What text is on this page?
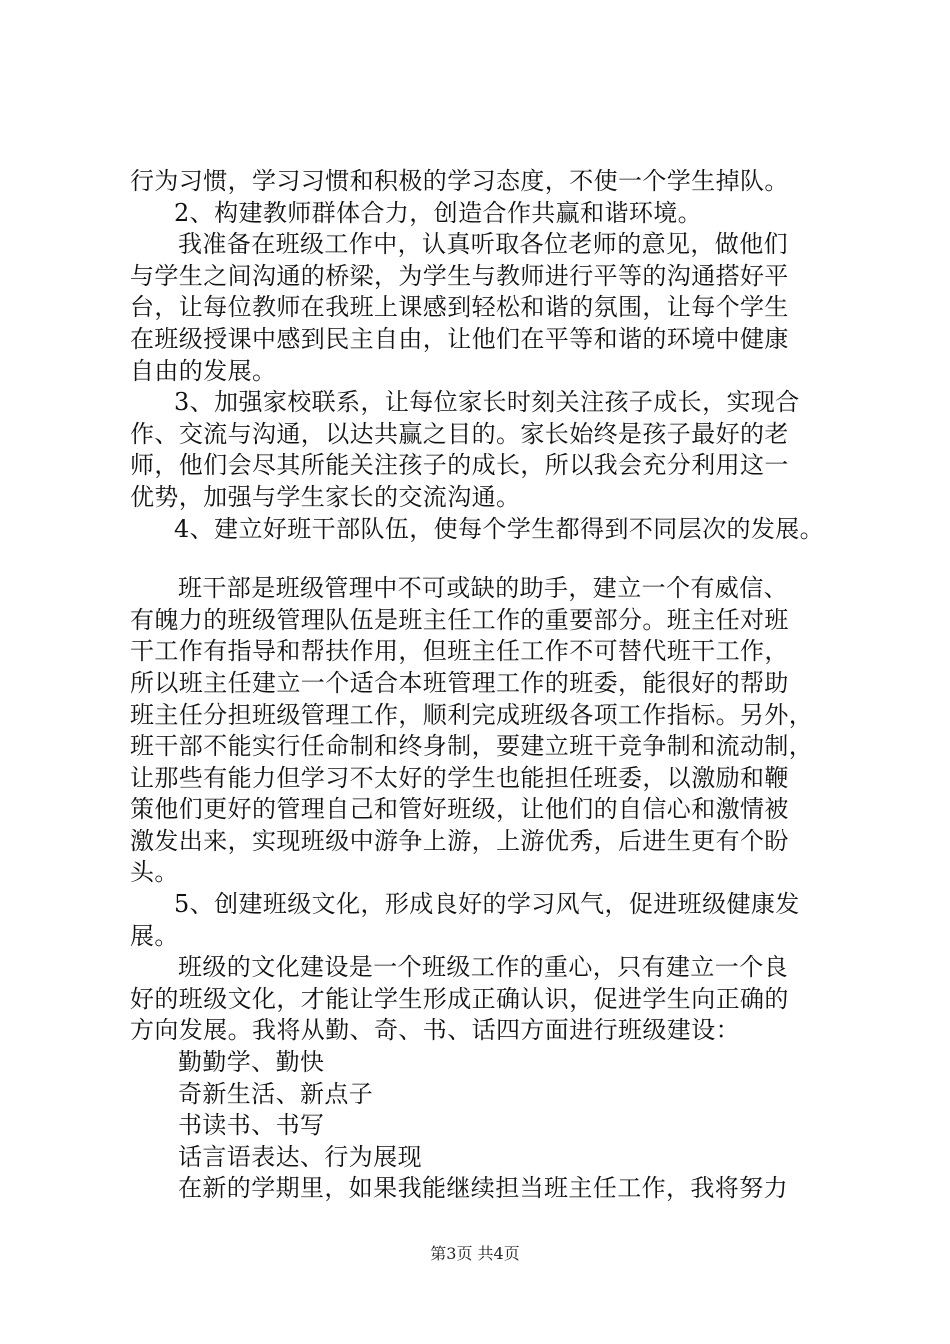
行为习惯，学习习惯和积极的学习态度，不使一个学生掉队。
2、构建教师群体合力，创造合作共赢和谐环境。
我准备在班级工作中，认真听取各位老师的意见，做他们
与学生之间沟通的桥梁，为学生与教师进行平等的沟通搭好平
台，让每位教师在我班上课感到轻松和谐的氛围，让每个学生
在班级授课中感到民主自由，让他们在平等和谐的环境中健康
自由的发展。
3、加强家校联系，让每位家长时刻关注孩子成长，实现合
作、交流与沟通，以达共赢之目的。家长始终是孩子最好的老
师，他们会尽其所能关注孩子的成长，所以我会充分利用这一
优势，加强与学生家长的交流沟通。
4、建立好班干部队伍，使每个学生都得到不同层次的发展。
班干部是班级管理中不可或缺的助手，建立一个有威信、
有魄力的班级管理队伍是班主任工作的重要部分。班主任对班
干工作有指导和帮扶作用，但班主任工作不可替代班干工作，
所以班主任建立一个适合本班管理工作的班委，能很好的帮助
班主任分担班级管理工作，顺利完成班级各项工作指标。另外，
班干部不能实行任命制和终身制，要建立班干竞争制和流动制，
让那些有能力但学习不太好的学生也能担任班委，以激励和鞭
策他们更好的管理自己和管好班级，让他们的自信心和激情被
激发出来，实现班级中游争上游，上游优秀，后进生更有个盼
头。
5、创建班级文化，形成良好的学习风气，促进班级健康发
展。
班级的文化建设是一个班级工作的重心，只有建立一个良
好的班级文化，才能让学生形成正确认识，促进学生向正确的
方向发展。我将从勤、奇、书、话四方面进行班级建设：
勤勤学、勤快
奇新生活、新点子
书读书、书写
话言语表达、行为展现
在新的学期里，如果我能继续担当班主任工作，我将努力
第3页 共4页
